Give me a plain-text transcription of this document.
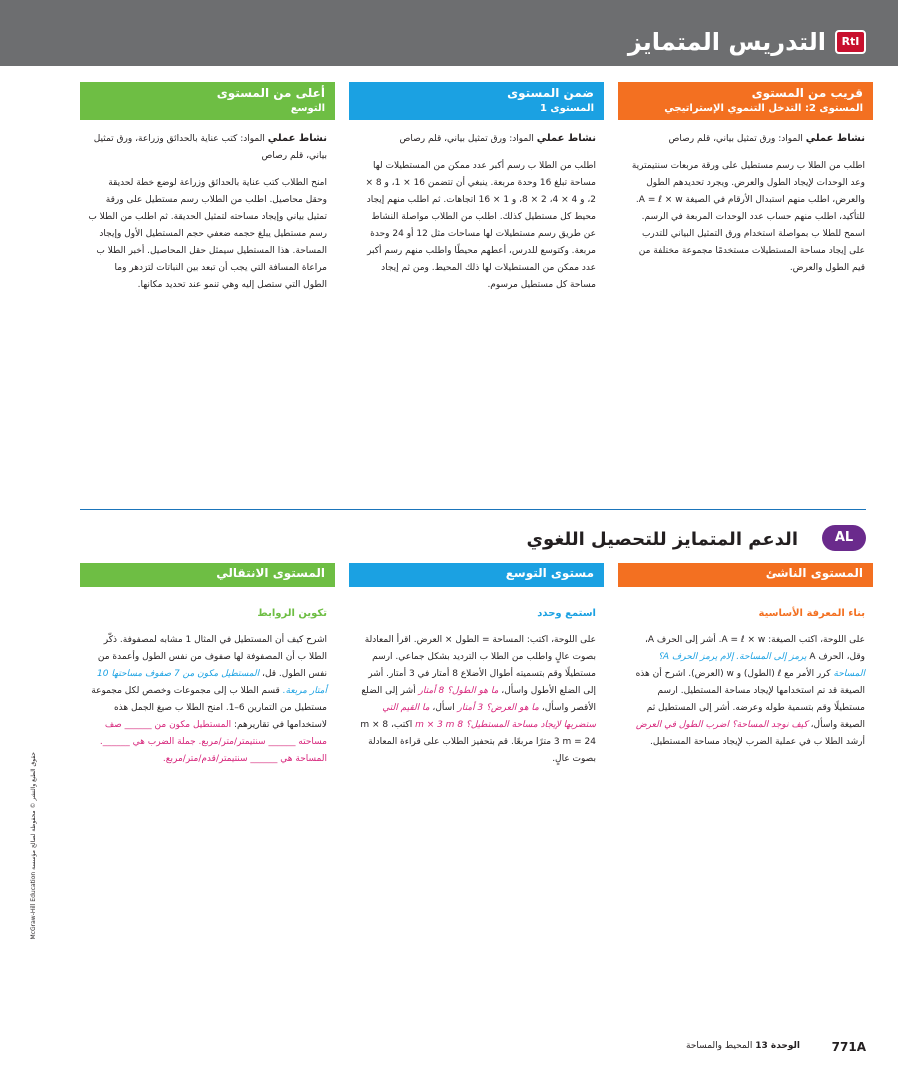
RtI
التدريس المتمايز
قريب من المستوى
المستوى 2: التدخل التنموي الإستراتيجي
نشاط عملي المواد: ورق تمثيل بياني، قلم رصاص
اطلب من الطلا ب رسم مستطيل على ورقة مربعات سنتيمترية وعد الوحدات لإيجاد الطول والعرض. ويجرد تحديدهم الطول والعرض، اطلب منهم استبدال الأرقام في الصيغة A = ℓ × w. للتأكيد، اطلب منهم حساب عدد الوحدات المربعة في الرسم. اسمح للطلا ب بمواصلة استخدام ورق التمثيل البياني للتدرب على إيجاد مساحة المستطيلات مستخدمًا مجموعة مختلفة من قيم الطول والعرض.
ضمن المستوى
المستوى 1
نشاط عملي المواد: ورق تمثيل بياني، قلم رصاص
اطلب من الطلا ب رسم أكبر عدد ممكن من المستطيلات لها مساحة تبلغ 16 وحدة مربعة. ينبغي أن تتضمن 16 × 1، و 8 × 2، و 4 × 4، 2 × 8، و 1 × 16 اتجاهات. ثم اطلب منهم إيجاد محيط كل مستطيل كذلك. اطلب من الطلاب مواصلة النشاط عن طريق رسم مستطيلات لها مساحات مثل 12 أو 24 وحدة مربعة. وكتوسع للدرس، أعطهم محيطًا واطلب منهم رسم أكبر عدد ممكن من المستطيلات لها ذلك المحيط. ومن ثم إيجاد مساحة كل مستطيل مرسوم.
أعلى من المستوى
التوسع
نشاط عملي المواد: كتب عناية بالحدائق وزراعة، ورق تمثيل بياني، قلم رصاص
امنح الطلاب كتب عناية بالحدائق وزراعة لوضع خطة لحديقة وحقل محاصيل. اطلب من الطلاب رسم مستطيل على ورقة تمثيل بياني وإيجاد مساحته لتمثيل الحديقة. ثم اطلب من الطلا ب رسم مستطيل يبلغ حجمه ضعفي حجم المستطيل الأول وإيجاد المساحة. هذا المستطيل سيمثل حقل المحاصيل. أخبر الطلا ب مراعاة المسافة التي يجب أن تبعد بين النباتات لتزدهر وما الطول التي ستصل إليه وهي تنمو عند تحديد مكانها.
AL
الدعم المتمايز للتحصيل اللغوي
المستوى الناشئ
بناء المعرفة الأساسية
على اللوحة، اكتب الصيغة: A = ℓ × w. أشر إلى الحرف A، وقل، الحرف A يرمز إلى المساحة. إلام يرمز الحرف A؟ المساحة كرر الأمر مع ℓ (الطول) و w (العرض). اشرح أن هذه الصيغة قد تم استخدامها لإيجاد مساحة المستطيل. ارسم مستطيلًا وقم بتسمية طوله وعرضه. أشر إلى المستطيل ثم الصيغة واسأل، كيف نوجد المساحة؟ اضرب الطول في العرض أرشد الطلا ب في عملية الضرب لإيجاد مساحة المستطيل.
مستوى التوسع
استمع وحدد
على اللوحة، اكتب: المساحة = الطول × العرض. اقرأ المعادلة بصوت عالٍ واطلب من الطلا ب الترديد بشكل جماعي. ارسم مستطيلًا وقم بتسميته أطوال الأضلاع 8 أمتار في 3 أمتار. أشر إلى الضلع الأطول واسأل، ما هو الطول؟ 8 أمتار أشر إلى الضلع الأقصر واسأل، ما هو العرض؟ 3 أمتار اسأل، ما القيم التي ستضربها لإيجاد مساحة المستطيل؟ 8 m × 3 m اكتب، 8 m × 3 m = 24 مترًا مربعًا. قم بتحفيز الطلاب على قراءة المعادلة بصوت عالٍ.
المستوى الانتقالي
تكوين الروابط
اشرح كيف أن المستطيل في المثال 1 مشابه لمصفوفة. ذكّر الطلا ب أن المصفوفة لها صفوف من نفس الطول وأعمدة من نفس الطول. قل، المستطيل مكون من 7 صفوف مساحتها 10 أمتار مربعة. قسم الطلا ب إلى مجموعات وخصص لكل مجموعة مستطيل من التمارين 6–1. امنح الطلا ب صيغ الجمل هذه لاستخدامها في تقاريرهم: المستطيل مكون من ______ صف مساحته ______ سنتيمتر/متر/مربع. جملة الضرب هي ______. المساحة هي ______ سنتيمتر/قدم/متر/مربع.
حقوق الطبع والنشر © محفوظة لصالح مؤسسة McGraw-Hill Education
771A
الوحدة 13 المحيط والمساحة
